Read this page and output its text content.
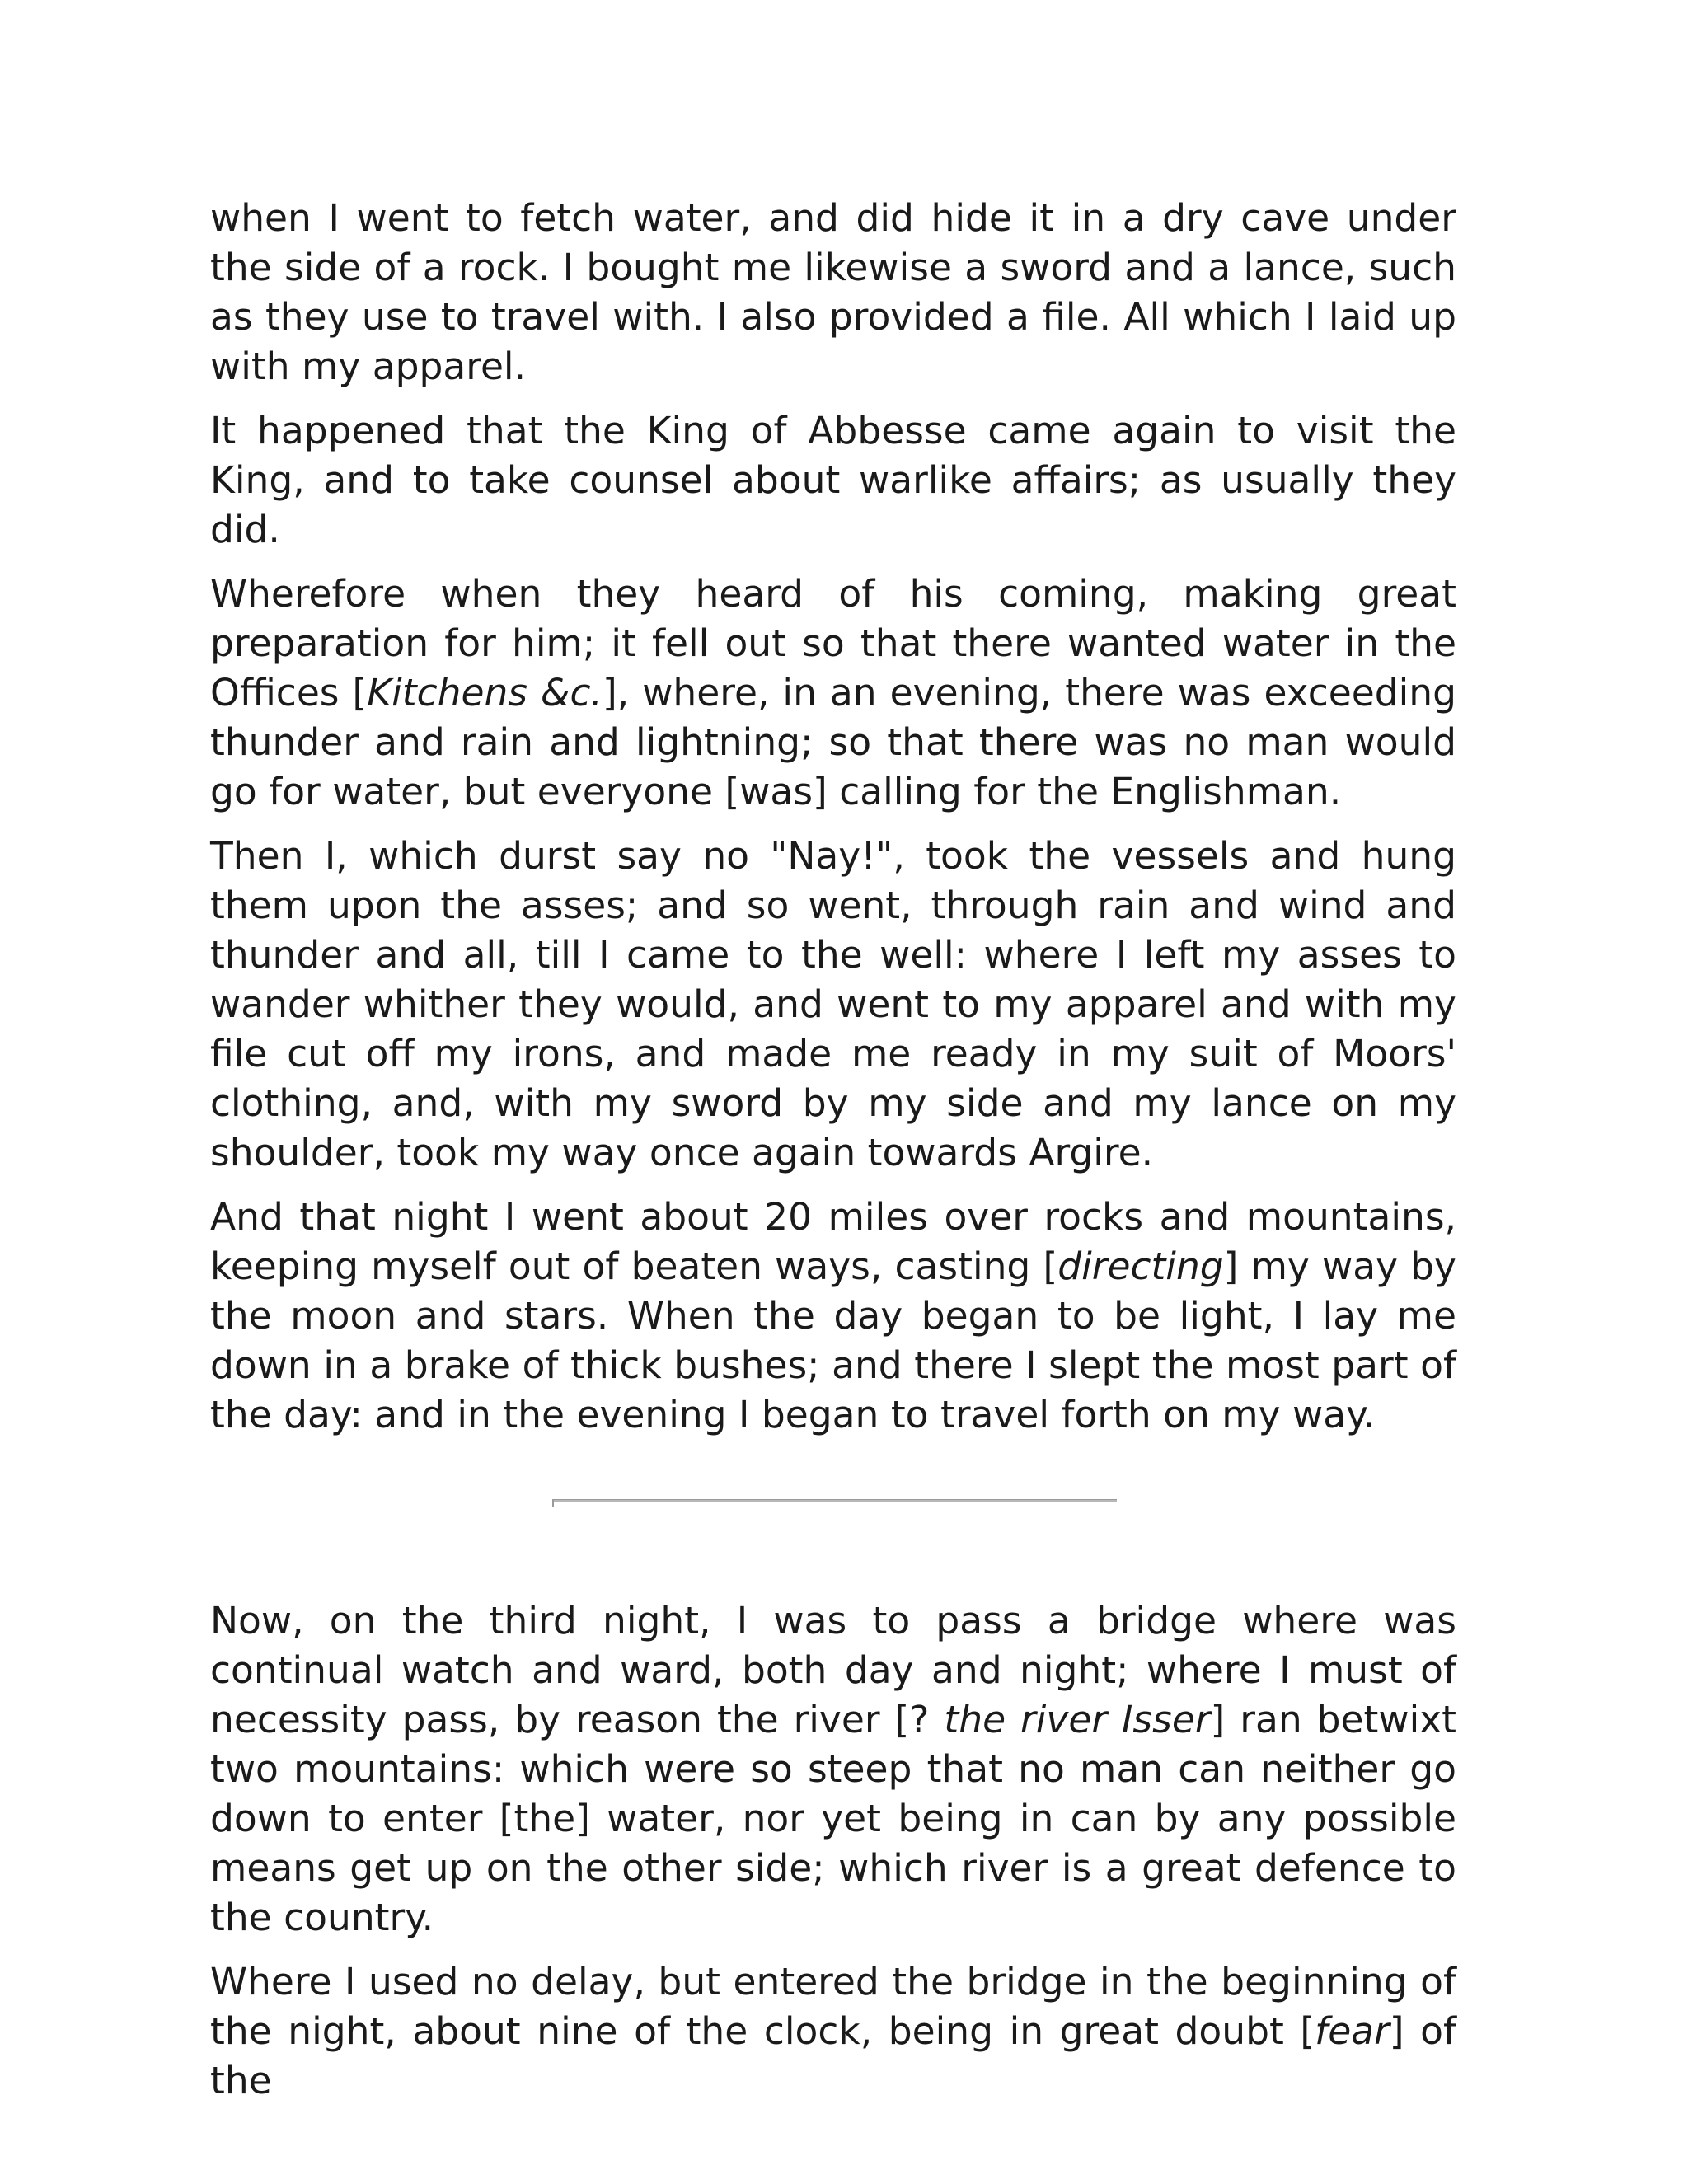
when I went to fetch water, and did hide it in a dry cave under the side of a rock. I bought me likewise a sword and a lance, such as they use to travel with. I also provided a file. All which I laid up with my apparel.

It happened that the King of Abbesse came again to visit the King, and to take counsel about warlike affairs; as usually they did.

Wherefore when they heard of his coming, making great preparation for him; it fell out so that there wanted water in the Offices [Kitchens &c.], where, in an evening, there was exceeding thunder and rain and lightning; so that there was no man would go for water, but everyone [was] calling for the Englishman.

Then I, which durst say no "Nay!", took the vessels and hung them upon the asses; and so went, through rain and wind and thunder and all, till I came to the well: where I left my asses to wander whither they would, and went to my apparel and with my file cut off my irons, and made me ready in my suit of Moors' clothing, and, with my sword by my side and my lance on my shoulder, took my way once again towards Argire.

And that night I went about 20 miles over rocks and mountains, keeping myself out of beaten ways, casting [directing] my way by the moon and stars. When the day began to be light, I lay me down in a brake of thick bushes; and there I slept the most part of the day: and in the evening I began to travel forth on my way.

Now, on the third night, I was to pass a bridge where was continual watch and ward, both day and night; where I must of necessity pass, by reason the river [? the river Isser] ran betwixt two mountains: which were so steep that no man can neither go down to enter [the] water, nor yet being in can by any possible means get up on the other side; which river is a great defence to the country.

Where I used no delay, but entered the bridge in the beginning of the night, about nine of the clock, being in great doubt [fear] of the
